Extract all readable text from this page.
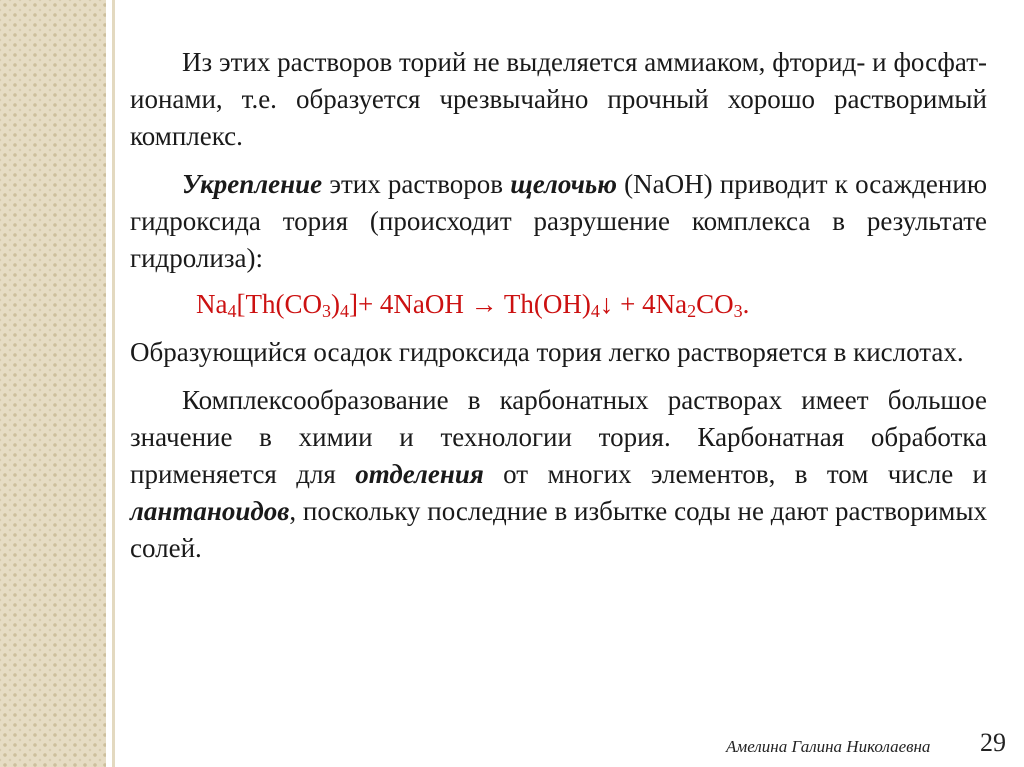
Из этих растворов торий не выделяется аммиаком, фторид- и фосфат-ионами, т.е. образуется чрезвычайно прочный хорошо растворимый комплекс.

Укрепление этих растворов щелочью (NaOH) приводит к осаждению гидроксида тория (происходит разрушение комплекса в результате гидролиза):

$Na_4[Th(CO_3)_4]+$ 4NaOH → $Th(OH)_4↓ + 4Na_2CO_3$.

Образующийся осадок гидроксида тория легко растворяется в кислотах.

Комплексообразование в карбонатных растворах имеет большое значение в химии и технологии тория. Карбонатная обработка применяется для отделения от многих элементов, в том числе и лантаноидов, поскольку последние в избытке соды не дают растворимых солей.

Амелина Галина Николаевна 29
